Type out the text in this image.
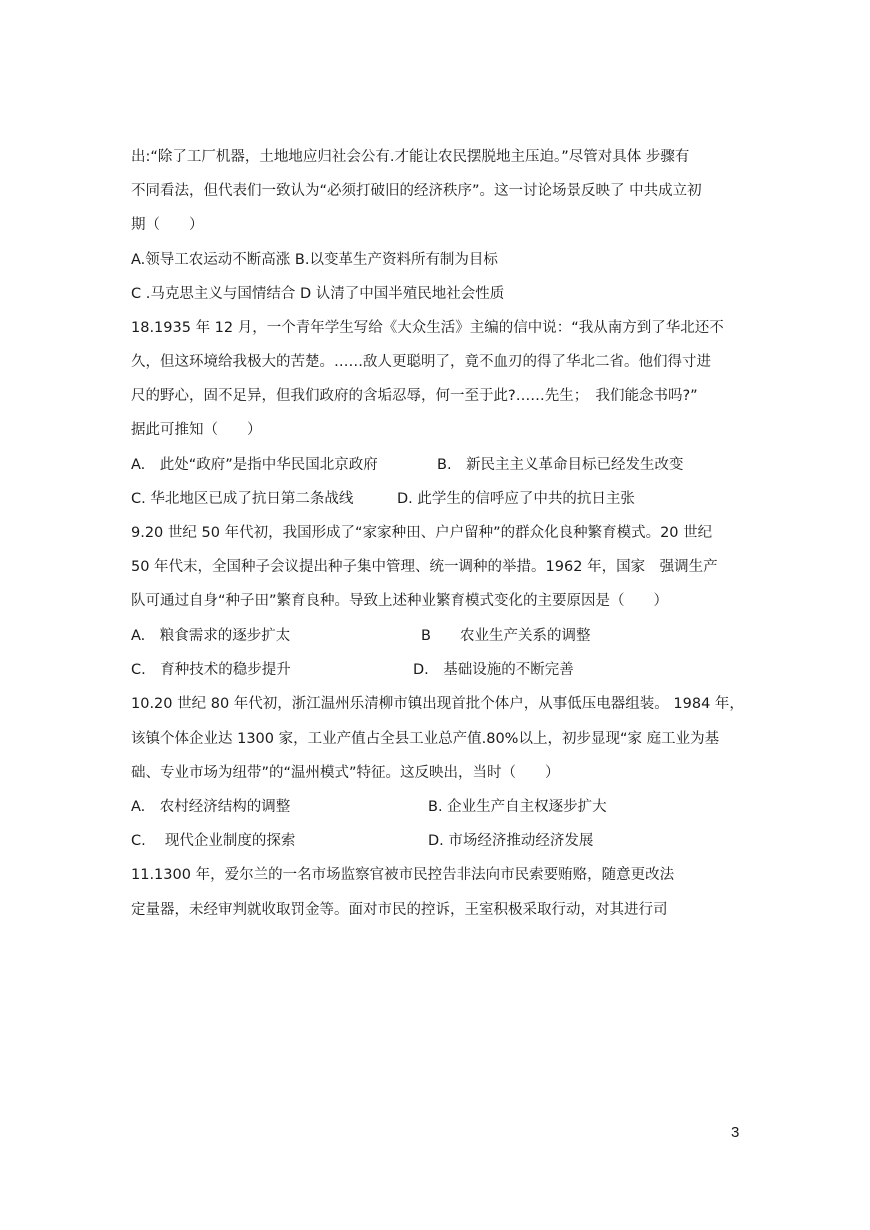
出:“除了工厂机器，土地地应归社会公有.才能让农民摆脱地主压迫。”尽管对具体 步骤有
不同看法，但代表们一致认为“必须打破旧的经济秩序”。这一讨论场景反映了 中共成立初
期（　　）
A.领导工农运动不断高涨 B.以变革生产资料所有制为目标
C .马克思主义与国情结合 D 认清了中国半殖民地社会性质
18.1935 年 12 月，一个青年学生写给《大众生活》主编的信中说：“我从南方到了华北还不
久，但这环境给我极大的苦楚。……敌人更聪明了，竟不血刃的得了华北二省。他们得寸进
尺的野心，固不足异，但我们政府的含垢忍辱，何一至于此?……先生；　我们能念书吗?”
据此可推知（　　）
A.　此处“政府”是指中华民国北京政府	B.　新民主主义革命目标已经发生改变
C. 华北地区已成了抗日第二条战线	D. 此学生的信呼应了中共的抗日主张
9.20 世纪 50 年代初，我国形成了“家家种田、户户留种”的群众化良种繁育模式。20 世纪
50 年代末，全国种子会议提出种子集中管理、统一调种的举措。1962 年，国家　强调生产
队可通过自身“种子田”繁育良种。导致上述种业繁育模式变化的主要原因是（　　）
A.　粮食需求的逐步扩太	B　　农业生产关系的调整
C.　育种技术的稳步提升	D.　基础设施的不断完善
10.20 世纪 80 年代初，浙江温州乐清柳市镇出现首批个体户，从事低压电器组装。 1984 年，
该镇个体企业达 1300 家，工业产值占全县工业总产值.80%以上，初步显现“家 庭工业为基
础、专业市场为纽带”的“温州模式”特征。这反映出，当时（　　）
A.　农村经济结构的调整	B. 企业生产自主权逐步扩大
C.　 现代企业制度的探索	D. 市场经济推动经济发展
11.1300 年，爱尔兰的一名市场监察官被市民控告非法向市民索要贿赂，随意更改法
定量器，未经审判就收取罚金等。面对市民的控诉，王室积极采取行动，对其进行司
3
